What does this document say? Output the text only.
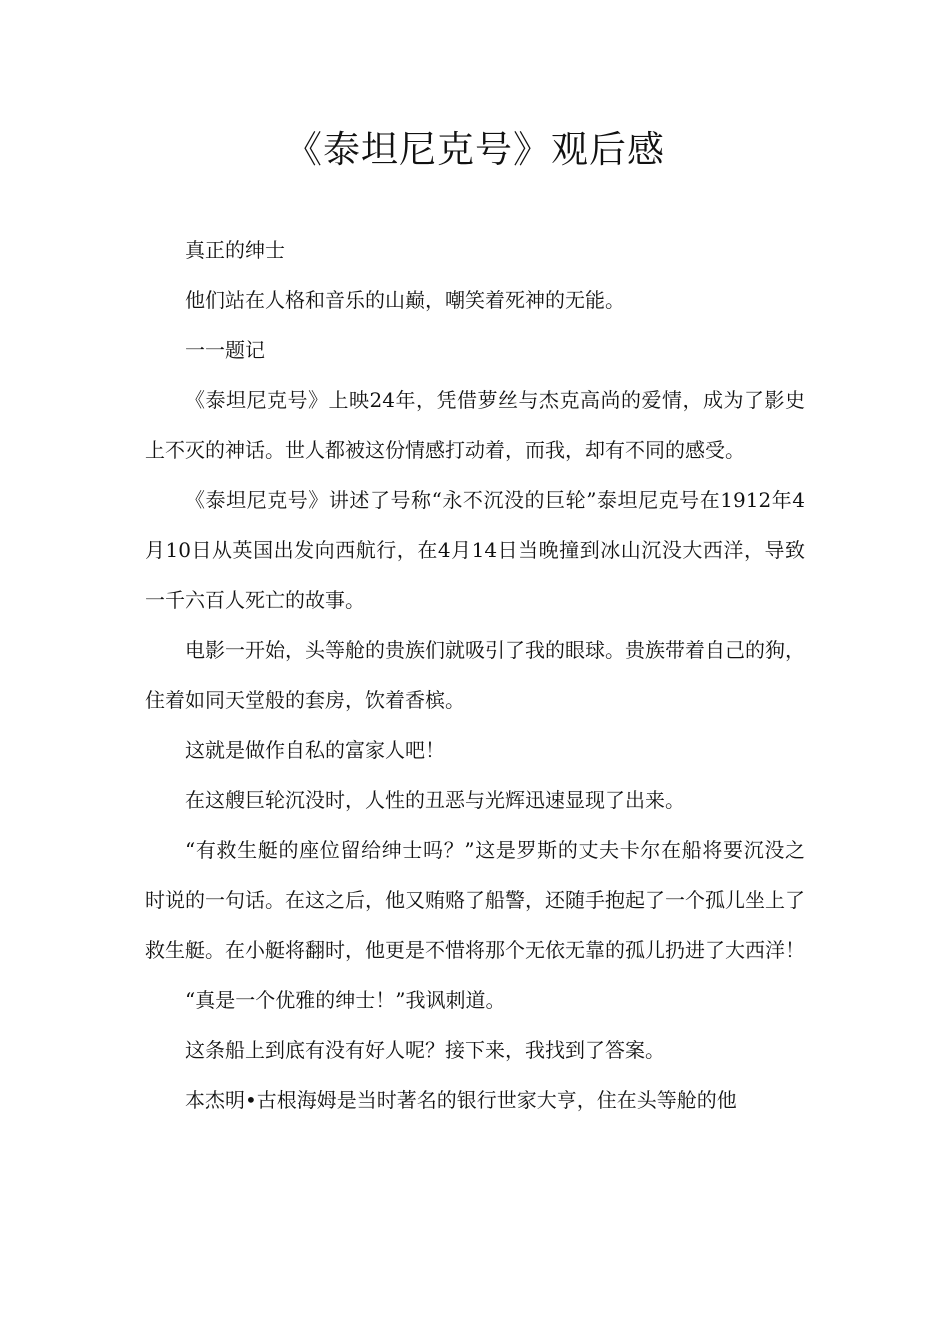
《泰坦尼克号》观后感

真正的绅士

他们站在人格和音乐的山巅，嘲笑着死神的无能。

一一题记

《泰坦尼克号》上映24年，凭借萝丝与杰克高尚的爱情，成为了影史上不灭的神话。世人都被这份情感打动着，而我，却有不同的感受。

《泰坦尼克号》讲述了号称“永不沉没的巨轮”泰坦尼克号在1912年4月10日从英国出发向西航行，在4月14日当晚撞到冰山沉没大西洋，导致一千六百人死亡的故事。

电影一开始，头等舱的贵族们就吸引了我的眼球。贵族带着自己的狗，住着如同天堂般的套房，饮着香槟。

这就是做作自私的富家人吧！

在这艘巨轮沉没时，人性的丑恶与光辉迅速显现了出来。

“有救生艇的座位留给绅士吗？”这是罗斯的丈夫卡尔在船将要沉没之时说的一句话。在这之后，他又贿赂了船警，还随手抱起了一个孤儿坐上了救生艇。在小艇将翻时，他更是不惜将那个无依无靠的孤儿扔进了大西洋！

“真是一个优雅的绅士！”我讽刺道。

这条船上到底有没有好人呢？接下来，我找到了答案。

本杰明•古根海姆是当时著名的银行世家大亨，住在头等舱的他
